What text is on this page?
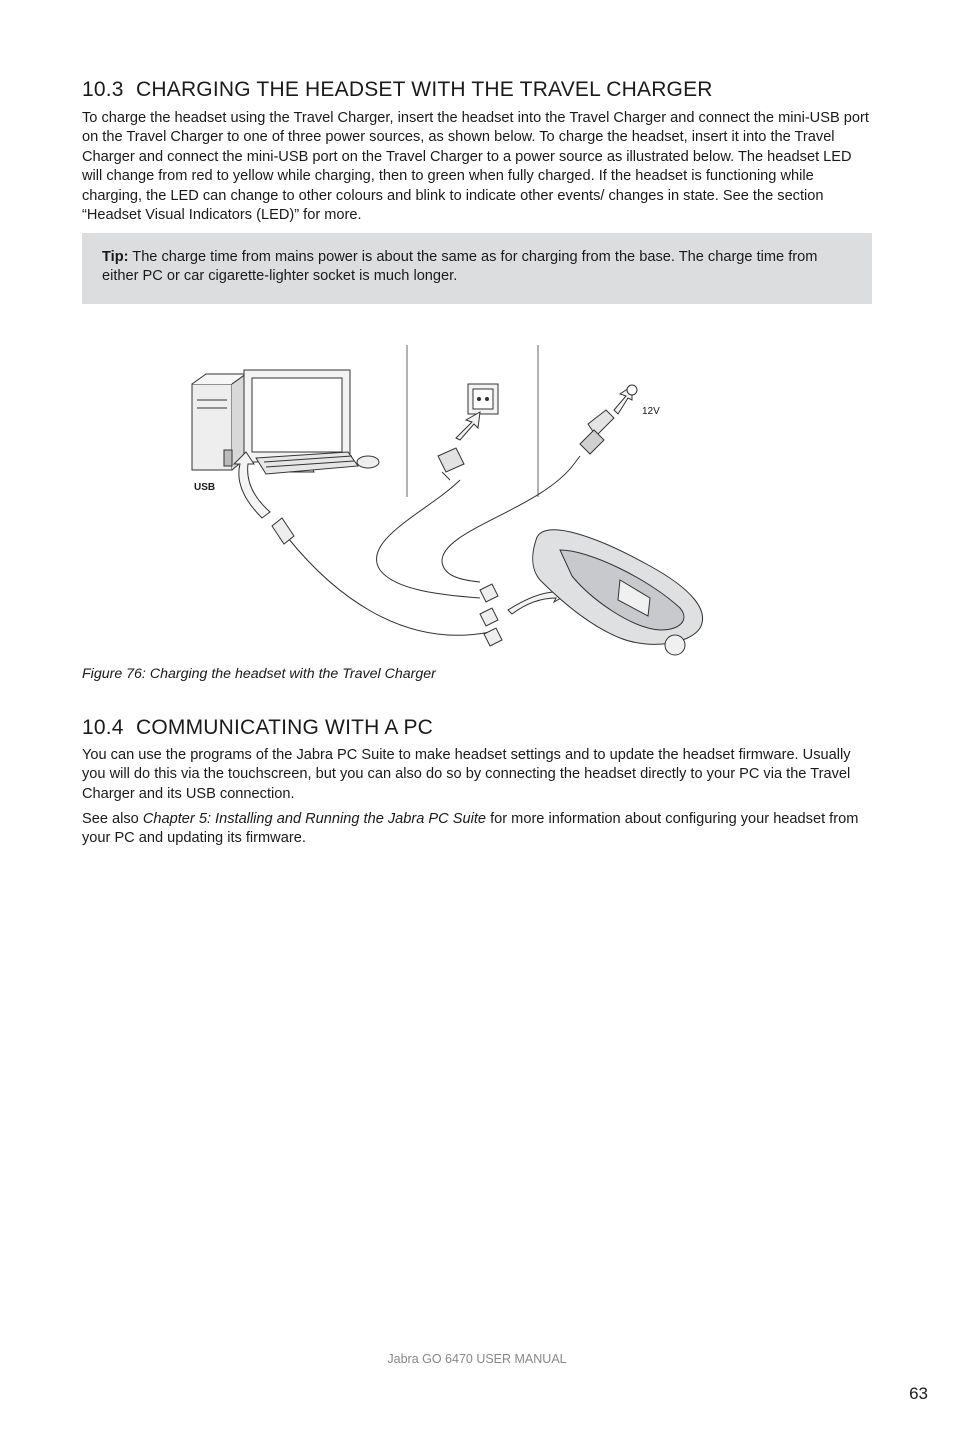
10.3 CHARGING THE HEADSET WITH THE TRAVEL CHARGER

To charge the headset using the Travel Charger, insert the headset into the Travel Charger and connect the mini-USB port on the Travel Charger to one of three power sources, as shown below. To charge the headset, insert it into the Travel Charger and connect the mini-USB port on the Travel Charger to a power source as illustrated below. The headset LED will change from red to yellow while charging, then to green when fully charged. If the headset is functioning while charging, the LED can change to other colours and blink to indicate other events/ changes in state. See the section “Headset Visual Indicators (LED)” for more.

Tip: The charge time from mains power is about the same as for charging from the base. The charge time from either PC or car cigarette-lighter socket is much longer.
USB
12V
Figure 76: Charging the headset with the Travel Charger
10.4 COMMUNICATING WITH A PC

You can use the programs of the Jabra PC Suite to make headset settings and to update the headset firmware. Usually you will do this via the touchscreen, but you can also do so by connecting the headset directly to your PC via the Travel Charger and its USB connection.

See also Chapter 5: Installing and Running the Jabra PC Suite for more information about configuring your headset from your PC and updating its firmware.

Jabra GO 6470 USER MANUAL
63
